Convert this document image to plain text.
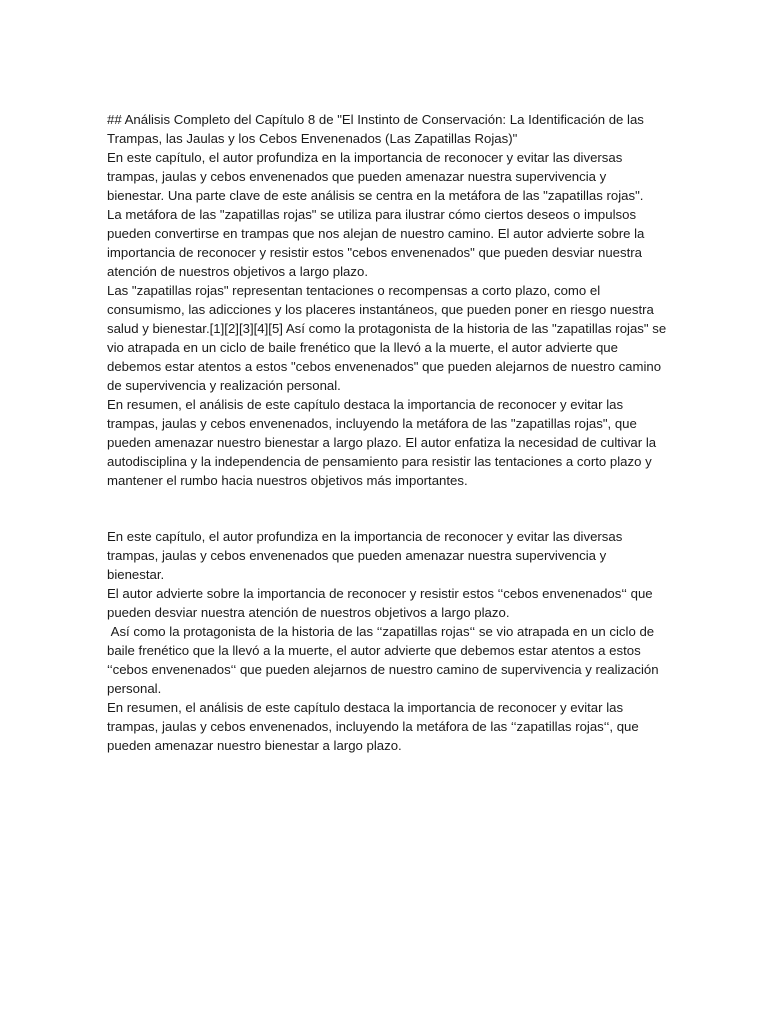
## Análisis Completo del Capítulo 8 de "El Instinto de Conservación: La Identificación de las Trampas, las Jaulas y los Cebos Envenenados (Las Zapatillas Rojas)"

En este capítulo, el autor profundiza en la importancia de reconocer y evitar las diversas trampas, jaulas y cebos envenenados que pueden amenazar nuestra supervivencia y bienestar. Una parte clave de este análisis se centra en la metáfora de las "zapatillas rojas".

La metáfora de las "zapatillas rojas" se utiliza para ilustrar cómo ciertos deseos o impulsos pueden convertirse en trampas que nos alejan de nuestro camino. El autor advierte sobre la importancia de reconocer y resistir estos "cebos envenenados" que pueden desviar nuestra atención de nuestros objetivos a largo plazo.

Las "zapatillas rojas" representan tentaciones o recompensas a corto plazo, como el consumismo, las adicciones y los placeres instantáneos, que pueden poner en riesgo nuestra salud y bienestar.[1][2][3][4][5] Así como la protagonista de la historia de las "zapatillas rojas" se vio atrapada en un ciclo de baile frenético que la llevó a la muerte, el autor advierte que debemos estar atentos a estos "cebos envenenados" que pueden alejarnos de nuestro camino de supervivencia y realización personal.

En resumen, el análisis de este capítulo destaca la importancia de reconocer y evitar las trampas, jaulas y cebos envenenados, incluyendo la metáfora de las "zapatillas rojas", que pueden amenazar nuestro bienestar a largo plazo. El autor enfatiza la necesidad de cultivar la autodisciplina y la independencia de pensamiento para resistir las tentaciones a corto plazo y mantener el rumbo hacia nuestros objetivos más importantes.

En este capítulo, el autor profundiza en la importancia de reconocer y evitar las diversas trampas, jaulas y cebos envenenados que pueden amenazar nuestra supervivencia y bienestar.

El autor advierte sobre la importancia de reconocer y resistir estos ‘‘cebos envenenados‘‘ que pueden desviar nuestra atención de nuestros objetivos a largo plazo.

Así como la protagonista de la historia de las ‘‘zapatillas rojas‘‘ se vio atrapada en un ciclo de baile frenético que la llevó a la muerte, el autor advierte que debemos estar atentos a estos ‘‘cebos envenenados‘‘ que pueden alejarnos de nuestro camino de supervivencia y realización personal.

En resumen, el análisis de este capítulo destaca la importancia de reconocer y evitar las trampas, jaulas y cebos envenenados, incluyendo la metáfora de las ‘‘zapatillas rojas‘‘, que pueden amenazar nuestro bienestar a largo plazo.
